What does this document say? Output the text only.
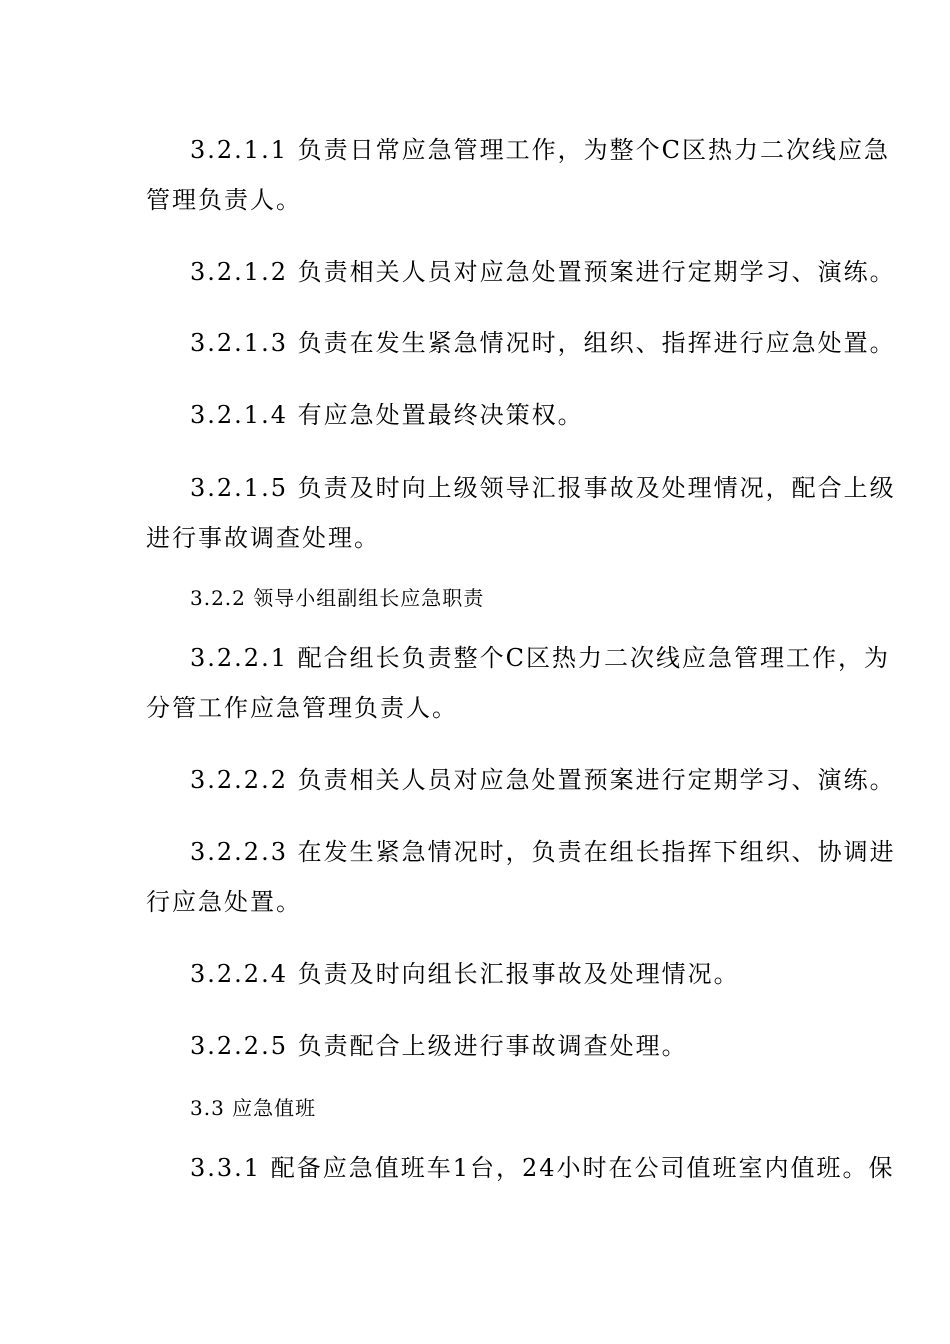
3.2.1.1 负责日常应急管理工作，为整个C区热力二次线应急
管理负责人。
3.2.1.2 负责相关人员对应急处置预案进行定期学习、演练。
3.2.1.3 负责在发生紧急情况时，组织、指挥进行应急处置。
3.2.1.4 有应急处置最终决策权。
3.2.1.5 负责及时向上级领导汇报事故及处理情况，配合上级
进行事故调查处理。
3.2.2 领导小组副组长应急职责
3.2.2.1 配合组长负责整个C区热力二次线应急管理工作，为
分管工作应急管理负责人。
3.2.2.2 负责相关人员对应急处置预案进行定期学习、演练。
3.2.2.3 在发生紧急情况时，负责在组长指挥下组织、协调进
行应急处置。
3.2.2.4 负责及时向组长汇报事故及处理情况。
3.2.2.5 负责配合上级进行事故调查处理。
3.3 应急值班
3.3.1 配备应急值班车1台，24小时在公司值班室内值班。保
